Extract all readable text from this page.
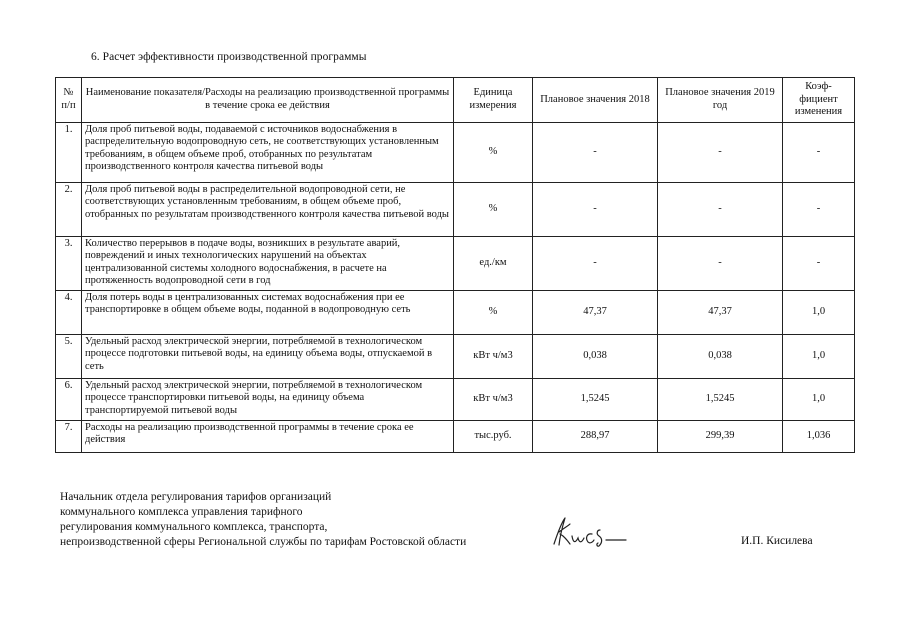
6. Расчет эффективности производственной программы
№ п/п	Наименование показателя/Расходы на реализацию производственной программы в течение срока ее действия	Единица измерения	Плановое значения 2018	Плановое значения 2019 год	Коэф-фициент изменения
1.	Доля проб питьевой воды, подаваемой с источников водоснабжения в распределительную водопроводную сеть, не соответствующих установленным требованиям, в общем объеме проб, отобранных по результатам производственного контроля качества питьевой воды	%	-	-	-
2.	Доля проб питьевой воды в распределительной водопроводной сети, не соответствующих установленным требованиям, в общем объеме проб, отобранных по результатам производственного контроля качества питьевой воды	%	-	-	-
3.	Количество перерывов в подаче воды, возникших в результате аварий, повреждений и иных технологических нарушений на объектах централизованной системы холодного водоснабжения, в расчете на протяженность водопроводной сети в год	ед./км	-	-	-
4.	Доля потерь воды в централизованных системах водоснабжения при ее транспортировке в общем объеме воды, поданной в водопроводную сеть	%	47,37	47,37	1,0
5.	Удельный расход электрической энергии, потребляемой в технологическом процессе подготовки питьевой воды, на единицу объема воды, отпускаемой в сеть	кВт ч/м3	0,038	0,038	1,0
6.	Удельный расход электрической энергии, потребляемой в технологическом процессе транспортировки питьевой воды, на единицу объема транспортируемой питьевой воды	кВт ч/м3	1,5245	1,5245	1,0
7.	Расходы на реализацию производственной программы в течение срока ее действия	тыс.руб.	288,97	299,39	1,036
Начальник отдела регулирования тарифов организаций
коммунального комплекса управления тарифного
регулирования коммунального комплекса, транспорта,
непроизводственной сферы Региональной службы по тарифам Ростовской области	И.П. Кисилева
